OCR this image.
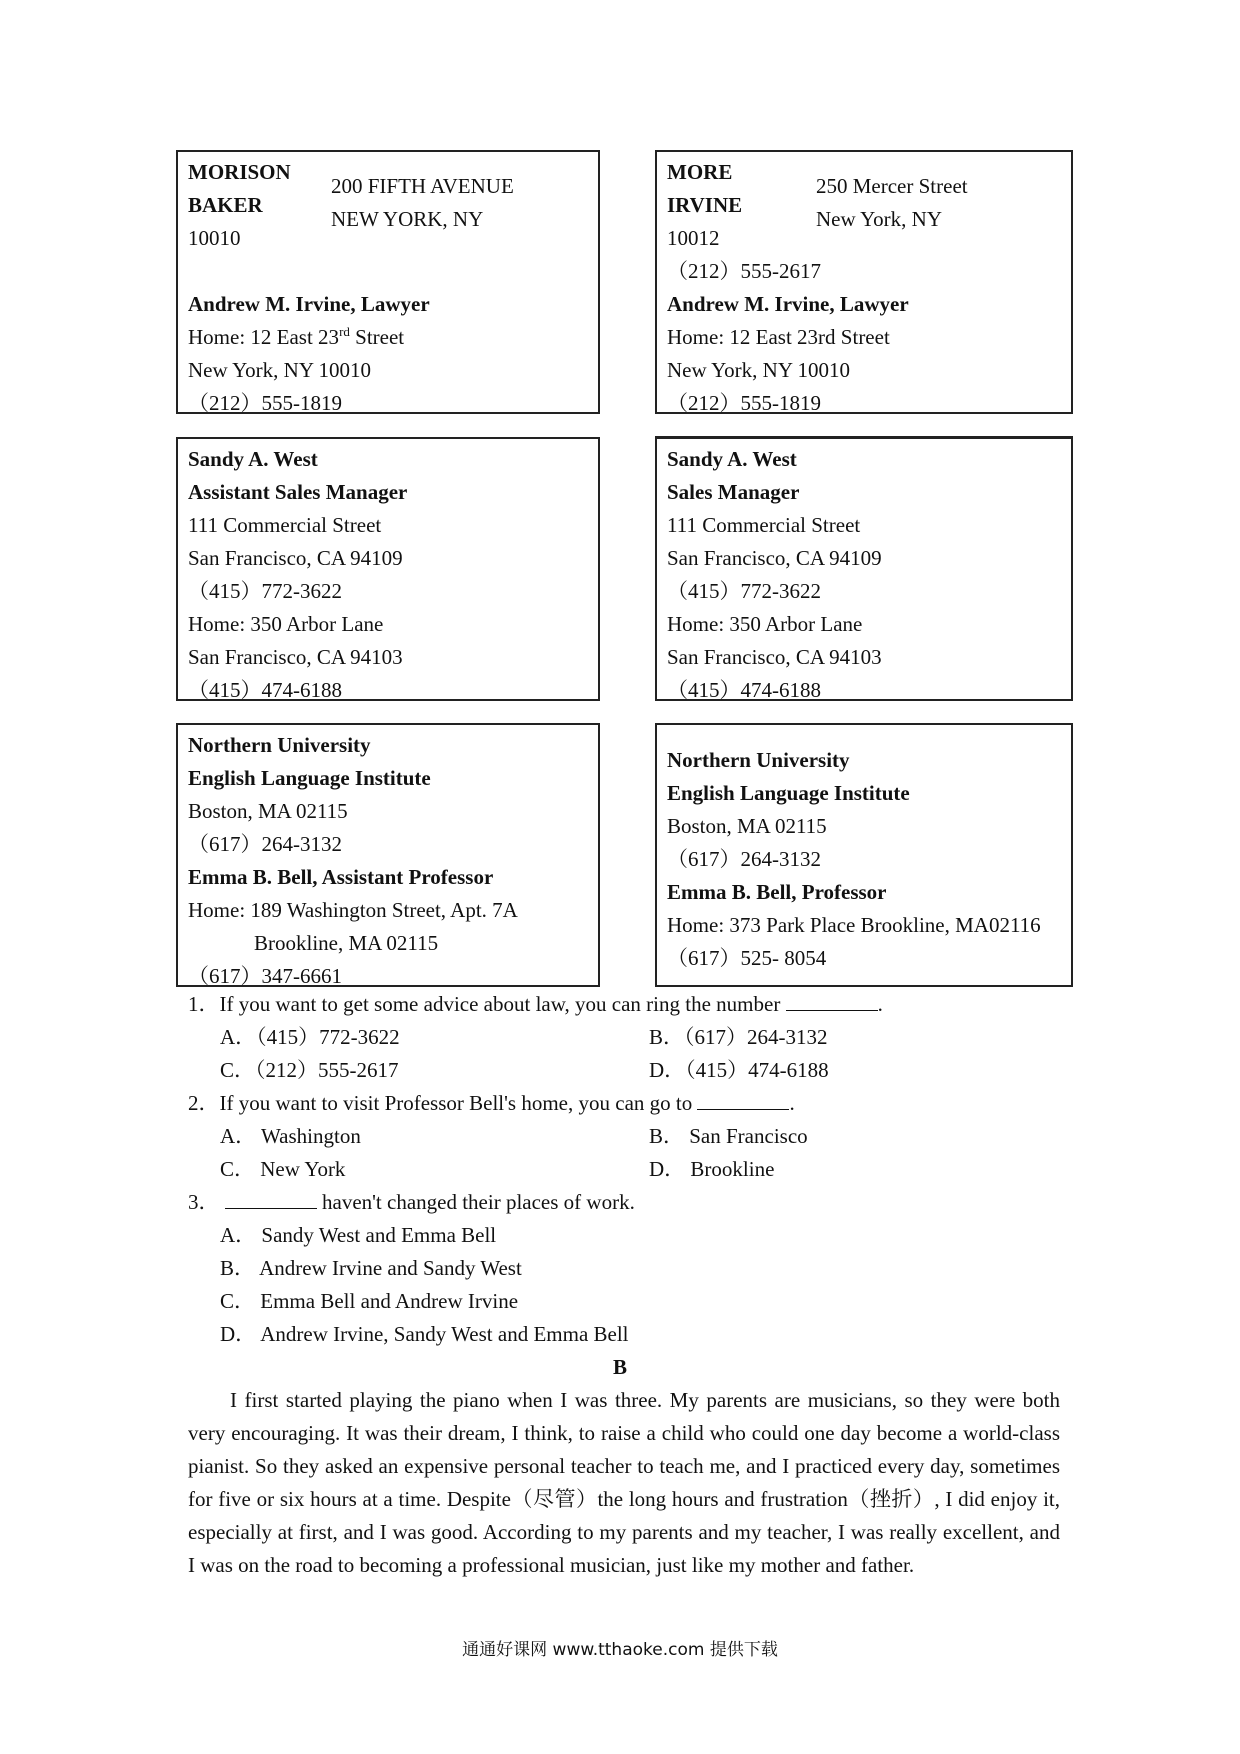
MORISON
BAKER
10010
Andrew M. Irvine, Lawyer
Home: 12 East 23rd Street
New York, NY 10010
（212）555-1819
200 FIFTH AVENUE
NEW YORK, NY
MORE
IRVINE
10012
（212）555-2617
Andrew M. Irvine, Lawyer
Home: 12 East 23rd Street
New York, NY 10010
（212）555-1819
250 Mercer Street
New York, NY
Sandy A. West
Assistant Sales Manager
111 Commercial Street
San Francisco, CA 94109
（415）772-3622
Home: 350 Arbor Lane
San Francisco, CA 94103
（415）474-6188
Sandy A. West
Sales Manager
111 Commercial Street
San Francisco, CA 94109
（415）772-3622
Home: 350 Arbor Lane
San Francisco, CA 94103
（415）474-6188
Northern University
English Language Institute
Boston, MA 02115
（617）264-3132
Emma B. Bell, Assistant Professor
Home: 189 Washington Street, Apt. 7A
Brookline, MA 02115
（617）347-6661
Northern University
English Language Institute
Boston, MA 02115
（617）264-3132
Emma B. Bell, Professor
Home: 373 Park Place Brookline, MA02116
（617）525- 8054
1．If you want to get some advice about law, you can ring the number	.
A．（415）772-3622	B．（617）264-3132
C．（212）555-2617	D．（415）474-6188
2．If you want to visit Professor Bell's home, you can go to	.
A． Washington	B． San Francisco
C． New York	D． Brookline
3．	haven't changed their places of work.
A． Sandy West and Emma Bell
B． Andrew Irvine and Sandy West
C． Emma Bell and Andrew Irvine
D． Andrew Irvine, Sandy West and Emma Bell
B

I first started playing the piano when I was three. My parents are musicians, so they were both very encouraging. It was their dream, I think, to raise a child who could one day become a world-class pianist. So they asked an expensive personal teacher to teach me, and I practiced every day, sometimes for five or six hours at a time. Despite（尽管）the long hours and frustration（挫折）, I did enjoy it, especially at first, and I was good. According to my parents and my teacher, I was really excellent, and I was on the road to becoming a professional musician, just like my mother and father.

通通好课网 www.tthaoke.com 提供下载
